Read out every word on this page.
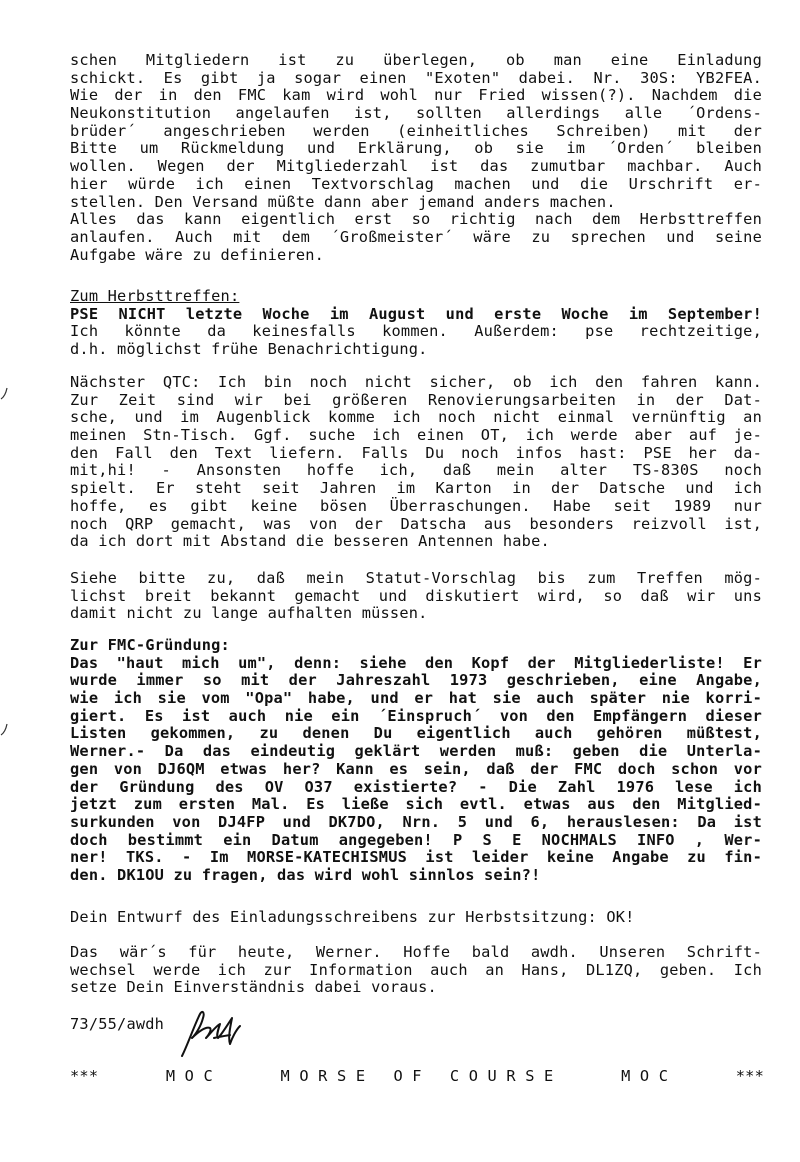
schen Mitgliedern ist zu überlegen, ob man eine Einladung
schickt. Es gibt ja sogar einen "Exoten" dabei. Nr. 30S: YB2FEA.
Wie der in den FMC kam wird wohl nur Fried wissen(?). Nachdem die
Neukonstitution angelaufen ist, sollten allerdings alle ´Ordens-
brüder´ angeschrieben werden (einheitliches Schreiben) mit der
Bitte um Rückmeldung und Erklärung, ob sie im ´Orden´ bleiben
wollen. Wegen der Mitgliederzahl ist das zumutbar machbar. Auch
hier würde ich einen Textvorschlag machen und die Urschrift er-
stellen. Den Versand müßte dann aber jemand anders machen.
Alles das kann eigentlich erst so richtig nach dem Herbsttreffen
anlaufen. Auch mit dem ´Großmeister´ wäre zu sprechen und seine
Aufgabe wäre zu definieren.
Zum Herbsttreffen:
PSE NICHT letzte Woche im August und erste Woche im September!
Ich könnte da keinesfalls kommen. Außerdem: pse rechtzeitige,
d.h. möglichst frühe Benachrichtigung.
Nächster QTC: Ich bin noch nicht sicher, ob ich den fahren kann.
Zur Zeit sind wir bei größeren Renovierungsarbeiten in der Dat-
sche, und im Augenblick komme ich noch nicht einmal vernünftig an
meinen Stn-Tisch. Ggf. suche ich einen OT, ich werde aber auf je-
den Fall den Text liefern. Falls Du noch infos hast: PSE her da-
mit,hi! - Ansonsten hoffe ich, daß mein alter TS-830S noch
spielt. Er steht seit Jahren im Karton in der Datsche und ich
hoffe, es gibt keine bösen Überraschungen. Habe seit 1989 nur
noch QRP gemacht, was von der Datscha aus besonders reizvoll ist,
da ich dort mit Abstand die besseren Antennen habe.
Siehe bitte zu, daß mein Statut-Vorschlag bis zum Treffen mög-
lichst breit bekannt gemacht und diskutiert wird, so daß wir uns
damit nicht zu lange aufhalten müssen.
Zur FMC-Gründung:
Das "haut mich um", denn: siehe den Kopf der Mitgliederliste! Er
wurde immer so mit der Jahreszahl 1973 geschrieben, eine Angabe,
wie ich sie vom "Opa" habe, und er hat sie auch später nie korri-
giert. Es ist auch nie ein ´Einspruch´ von den Empfängern dieser
Listen gekommen, zu denen Du eigentlich auch gehören müßtest,
Werner.- Da das eindeutig geklärt werden muß: geben die Unterla-
gen von DJ6QM etwas her? Kann es sein, daß der FMC doch schon vor
der Gründung des OV O37 existierte? - Die Zahl 1976 lese ich
jetzt zum ersten Mal. Es ließe sich evtl. etwas aus den Mitglied-
surkunden von DJ4FP und DK7DO, Nrn. 5 und 6, herauslesen: Da ist
doch bestimmt ein Datum angegeben! P S E NOCHMALS INFO , Wer-
ner! TKS. - Im MORSE-KATECHISMUS ist leider keine Angabe zu fin-
den. DK1OU zu fragen, das wird wohl sinnlos sein?!
Dein Entwurf des Einladungsschreibens zur Herbstsitzung: OK!
Das wär´s für heute, Werner. Hoffe bald awdh. Unseren Schrift-
wechsel werde ich zur Information auch an Hans, DL1ZQ, geben. Ich
setze Dein Einverständnis dabei voraus.
73/55/awdh
***	M O C	M O R S E   O F   C O U R S E	M O C	***
